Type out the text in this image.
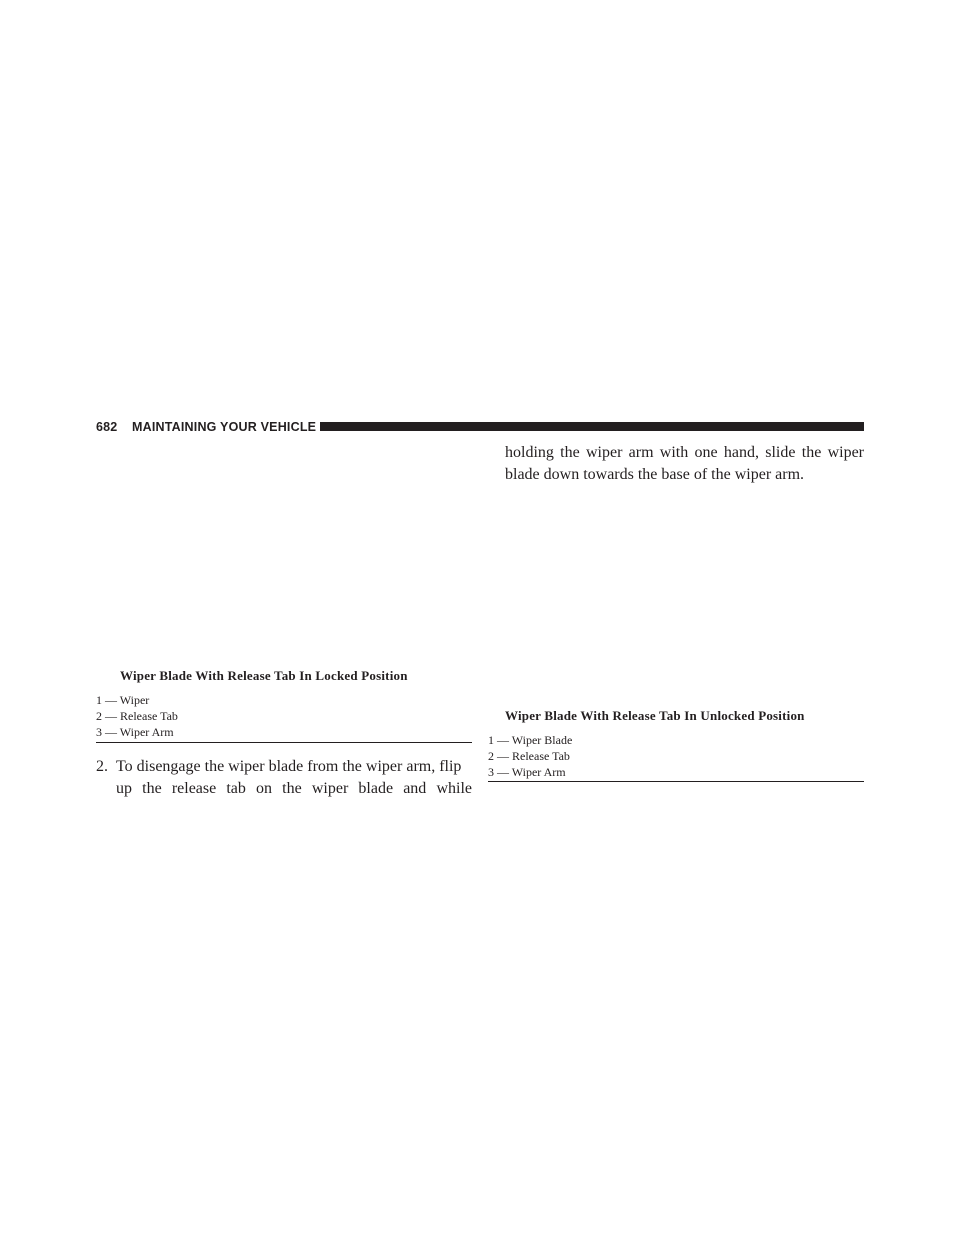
682 MAINTAINING YOUR VEHICLE
Wiper Blade With Release Tab In Locked Position
1 — Wiper
2 — Release Tab
3 — Wiper Arm
2. To disengage the wiper blade from the wiper arm, flip
up the release tab on the wiper blade and while
holding the wiper arm with one hand, slide the wiper
blade down towards the base of the wiper arm.
Wiper Blade With Release Tab In Unlocked Position
1 — Wiper Blade
2 — Release Tab
3 — Wiper Arm
